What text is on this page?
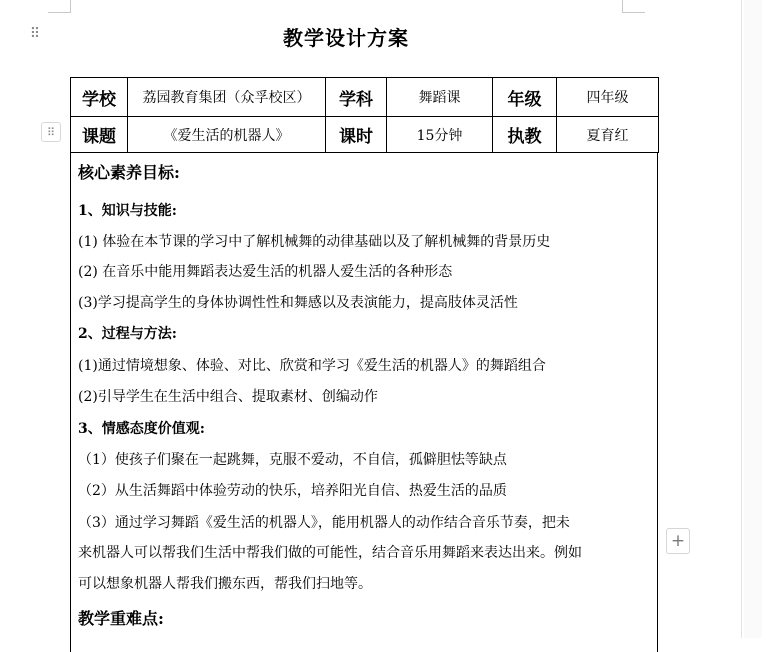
⠿
⠿
+
教学设计方案
学校	荔园教育集团（众孚校区）	学科	舞蹈课	年级	四年级
课题	《爱生活的机器人》	课时	15分钟	执教	夏育红
核心素养目标:
1、知识与技能:
(1) 体验在本节课的学习中了解机械舞的动律基础以及了解机械舞的背景历史
(2) 在音乐中能用舞蹈表达爱生活的机器人爱生活的各种形态
(3)学习提高学生的身体协调性性和舞感以及表演能力，提高肢体灵活性
2、过程与方法:
(1)通过情境想象、体验、对比、欣赏和学习《爱生活的机器人》的舞蹈组合
(2)引导学生在生活中组合、提取素材、创编动作
3、情感态度价值观:
（1）使孩子们聚在一起跳舞，克服不爱动，不自信，孤僻胆怯等缺点
（2）从生活舞蹈中体验劳动的快乐，培养阳光自信、热爱生活的品质
（3）通过学习舞蹈《爱生活的机器人》，能用机器人的动作结合音乐节奏，把未
来机器人可以帮我们生活中帮我们做的可能性，结合音乐用舞蹈来表达出来。例如
可以想象机器人帮我们搬东西，帮我们扫地等。
教学重难点:
